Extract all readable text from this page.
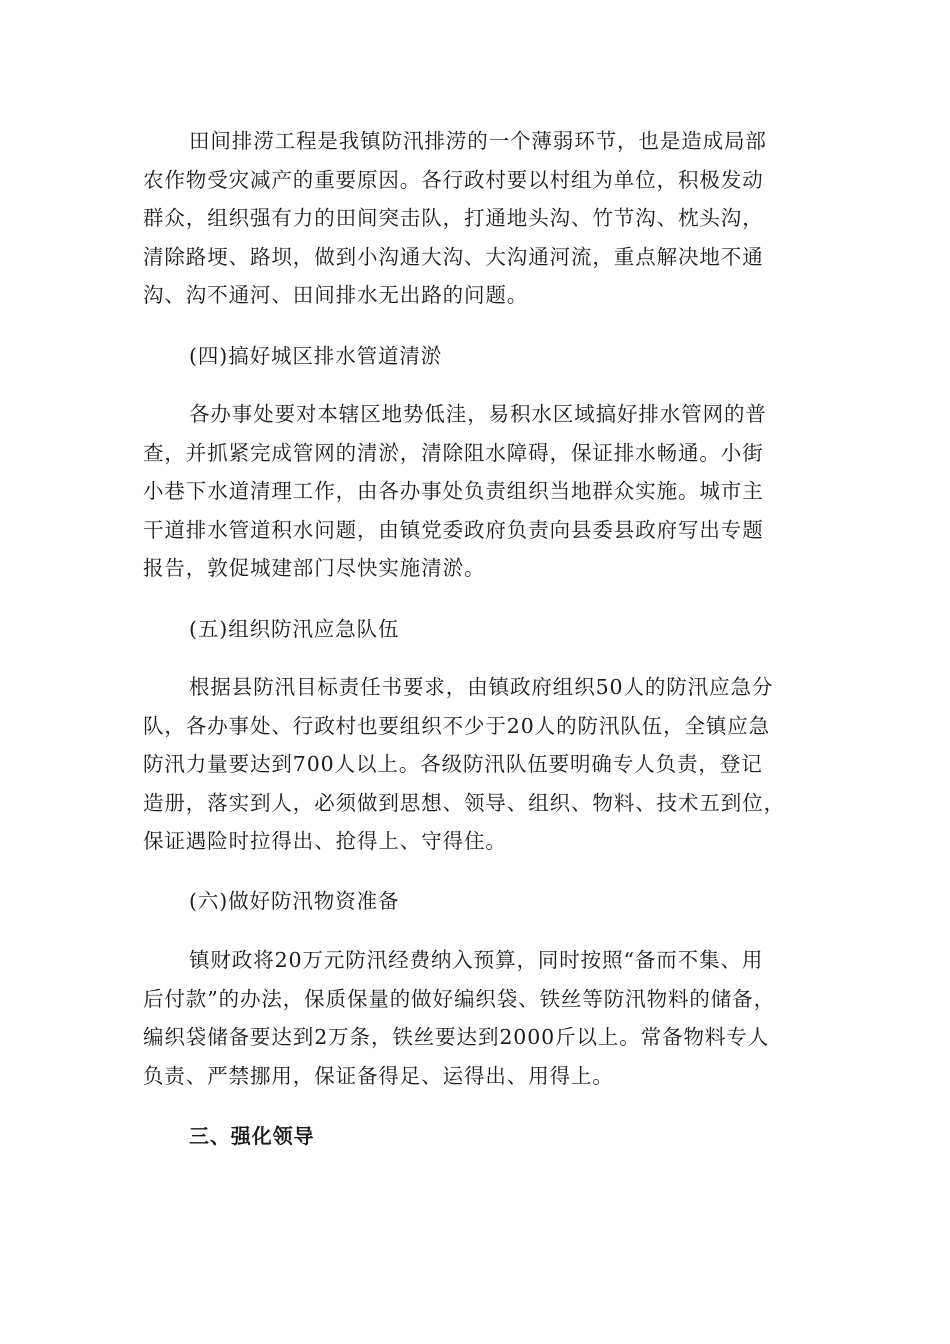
田间排涝工程是我镇防汛排涝的一个薄弱环节，也是造成局部
农作物受灾减产的重要原因。各行政村要以村组为单位，积极发动
群众，组织强有力的田间突击队，打通地头沟、竹节沟、枕头沟，
清除路埂、路坝，做到小沟通大沟、大沟通河流，重点解决地不通
沟、沟不通河、田间排水无出路的问题。
(四)搞好城区排水管道清淤
各办事处要对本辖区地势低洼，易积水区域搞好排水管网的普
查，并抓紧完成管网的清淤，清除阻水障碍，保证排水畅通。小街
小巷下水道清理工作，由各办事处负责组织当地群众实施。城市主
干道排水管道积水问题，由镇党委政府负责向县委县政府写出专题
报告，敦促城建部门尽快实施清淤。
(五)组织防汛应急队伍
根据县防汛目标责任书要求，由镇政府组织50人的防汛应急分
队，各办事处、行政村也要组织不少于20人的防汛队伍，全镇应急
防汛力量要达到700人以上。各级防汛队伍要明确专人负责，登记
造册，落实到人，必须做到思想、领导、组织、物料、技术五到位，
保证遇险时拉得出、抢得上、守得住。
(六)做好防汛物资准备
镇财政将20万元防汛经费纳入预算，同时按照“备而不集、用
后付款”的办法，保质保量的做好编织袋、铁丝等防汛物料的储备，
编织袋储备要达到2万条，铁丝要达到2000斤以上。常备物料专人
负责、严禁挪用，保证备得足、运得出、用得上。
三、强化领导
